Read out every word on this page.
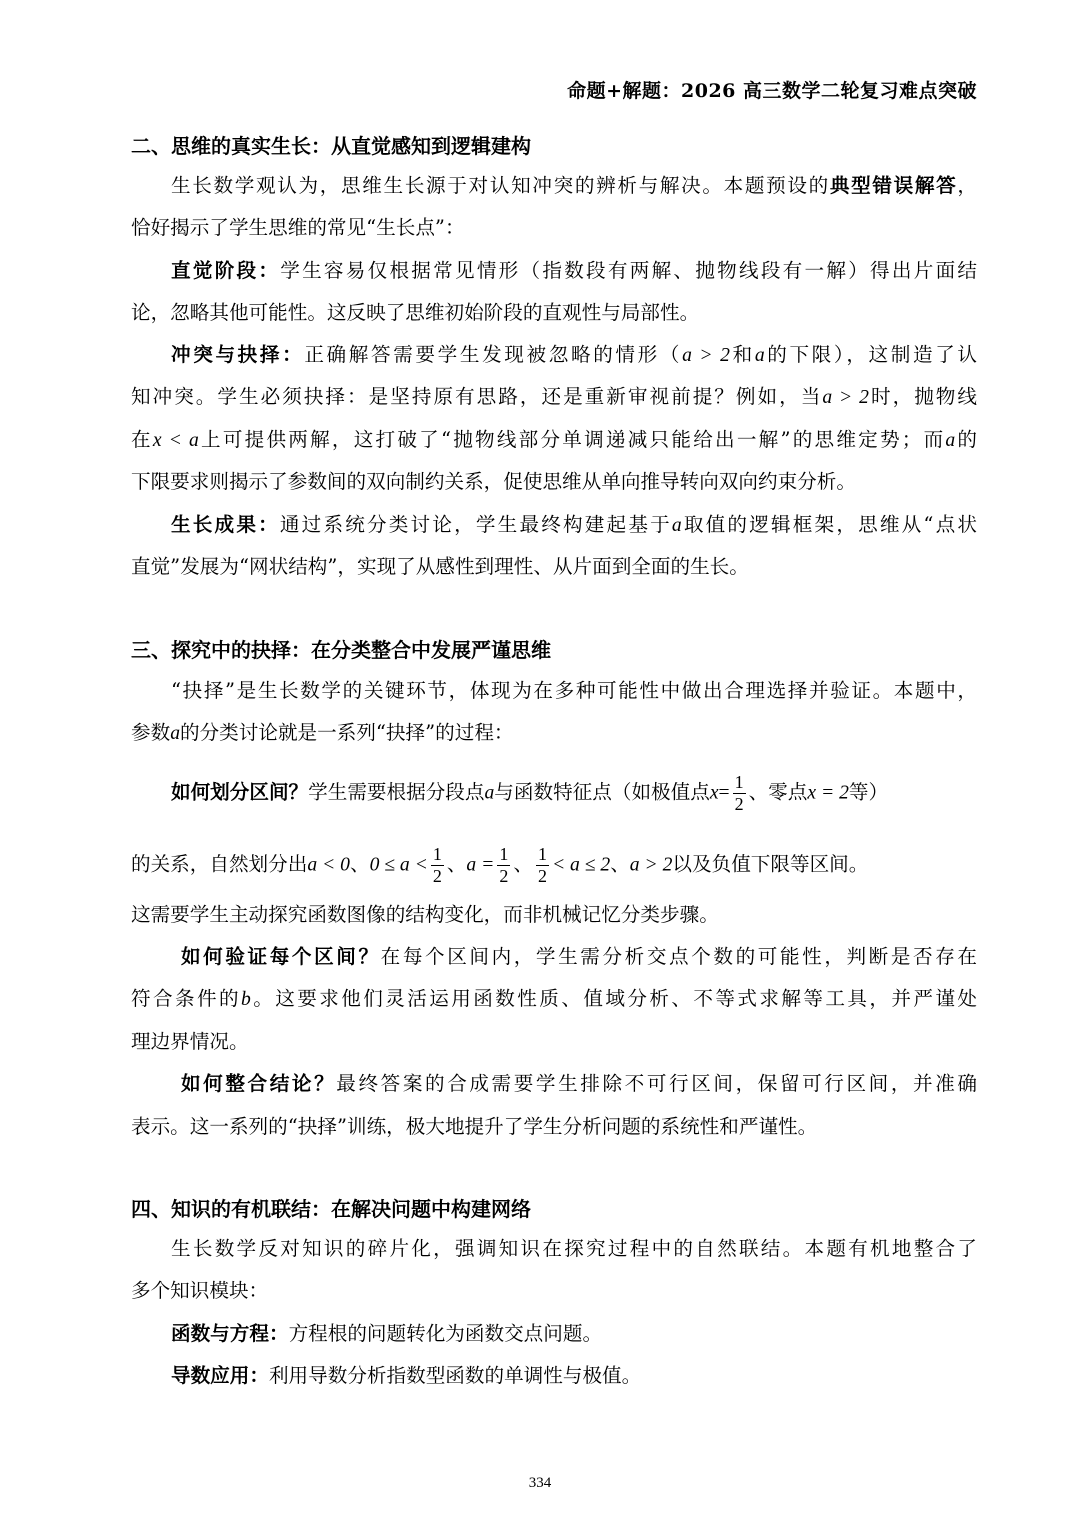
命题+解题：2026 高三数学二轮复习难点突破
二、思维的真实生长：从直觉感知到逻辑建构
生长数学观认为，思维生长源于对认知冲突的辨析与解决。本题预设的典型错误解答，
恰好揭示了学生思维的常见“生长点”：
直觉阶段：学生容易仅根据常见情形（指数段有两解、抛物线段有一解）得出片面结
论，忽略其他可能性。这反映了思维初始阶段的直观性与局部性。
冲突与抉择：正确解答需要学生发现被忽略的情形（a > 2和a的下限），这制造了认
知冲突。学生必须抉择：是坚持原有思路，还是重新审视前提？例如，当a > 2时，抛物线
在x < a上可提供两解，这打破了“抛物线部分单调递减只能给出一解”的思维定势；而a的
下限要求则揭示了参数间的双向制约关系，促使思维从单向推导转向双向约束分析。
生长成果：通过系统分类讨论，学生最终构建起基于a取值的逻辑框架，思维从“点状
直觉”发展为“网状结构”，实现了从感性到理性、从片面到全面的生长。
三、探究中的抉择：在分类整合中发展严谨思维
“抉择”是生长数学的关键环节，体现为在多种可能性中做出合理选择并验证。本题中，
参数a的分类讨论就是一系列“抉择”的过程：
如何划分区间？学生需要根据分段点a与函数特征点（如极值点$x= \frac{1}{2}$ 、零点x = 2等）
的关系，自然划分出a < 0、$0 \le a < \frac{1}{2}$ 、$a = \frac{1}{2}$ 、 $\frac{1}{2} < a \le 2$、a > 2以及负值下限等区间。
这需要学生主动探究函数图像的结构变化，而非机械记忆分类步骤。
如何验证每个区间？在每个区间内，学生需分析交点个数的可能性，判断是否存在
符合条件的b。这要求他们灵活运用函数性质、值域分析、不等式求解等工具，并严谨处
理边界情况。
如何整合结论？最终答案的合成需要学生排除不可行区间，保留可行区间，并准确
表示。这一系列的“抉择”训练，极大地提升了学生分析问题的系统性和严谨性。
四、知识的有机联结：在解决问题中构建网络
生长数学反对知识的碎片化，强调知识在探究过程中的自然联结。本题有机地整合了
多个知识模块：
函数与方程：方程根的问题转化为函数交点问题。
导数应用：利用导数分析指数型函数的单调性与极值。
334
